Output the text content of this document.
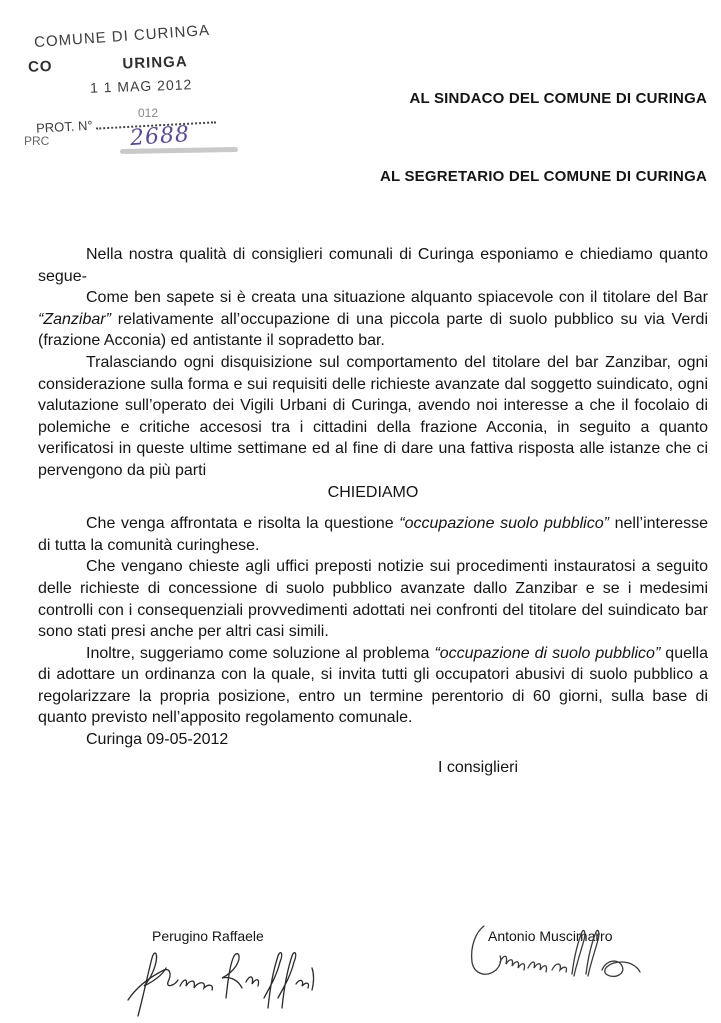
COMUNE DI CURINGA
CO	URINGA
1 1 MAG 2012
012
PROT. N°
PRC	2688
AL SINDACO DEL COMUNE DI CURINGA
AL SEGRETARIO DEL COMUNE DI CURINGA

Nella nostra qualità di consiglieri comunali di Curinga esponiamo e chiediamo quanto segue-

Come ben sapete si è creata una situazione alquanto spiacevole con il titolare del Bar “Zanzibar” relativamente all’occupazione di una piccola parte di suolo pubblico su via Verdi (frazione Acconia) ed antistante il sopradetto bar.

Tralasciando ogni disquisizione sul comportamento del titolare del bar Zanzibar, ogni considerazione sulla forma e sui requisiti delle richieste avanzate dal soggetto suindicato, ogni valutazione sull’operato dei Vigili Urbani di Curinga, avendo noi interesse a che il focolaio di polemiche e critiche accesosi tra i cittadini della frazione Acconia, in seguito a quanto verificatosi in queste ultime settimane ed al fine di dare una fattiva risposta alle istanze che ci pervengono da più parti

CHIEDIAMO

Che venga affrontata e risolta la questione “occupazione suolo pubblico” nell’interesse di tutta la comunità curinghese.

Che vengano chieste agli uffici preposti notizie sui procedimenti instauratosi a seguito delle richieste di concessione di suolo pubblico avanzate dallo Zanzibar e se i medesimi controlli con i consequenziali provvedimenti adottati nei confronti del titolare del suindicato bar sono stati presi anche per altri casi simili.

Inoltre, suggeriamo come soluzione al problema “occupazione di suolo pubblico” quella di adottare un ordinanza con la quale, si invita tutti gli occupatori abusivi di suolo pubblico a regolarizzare la propria posizione, entro un termine perentorio di 60 giorni, sulla base di quanto previsto nell’apposito regolamento comunale.

Curinga 09-05-2012
I consiglieri
Perugino Raffaele	Antonio Muscimarro
